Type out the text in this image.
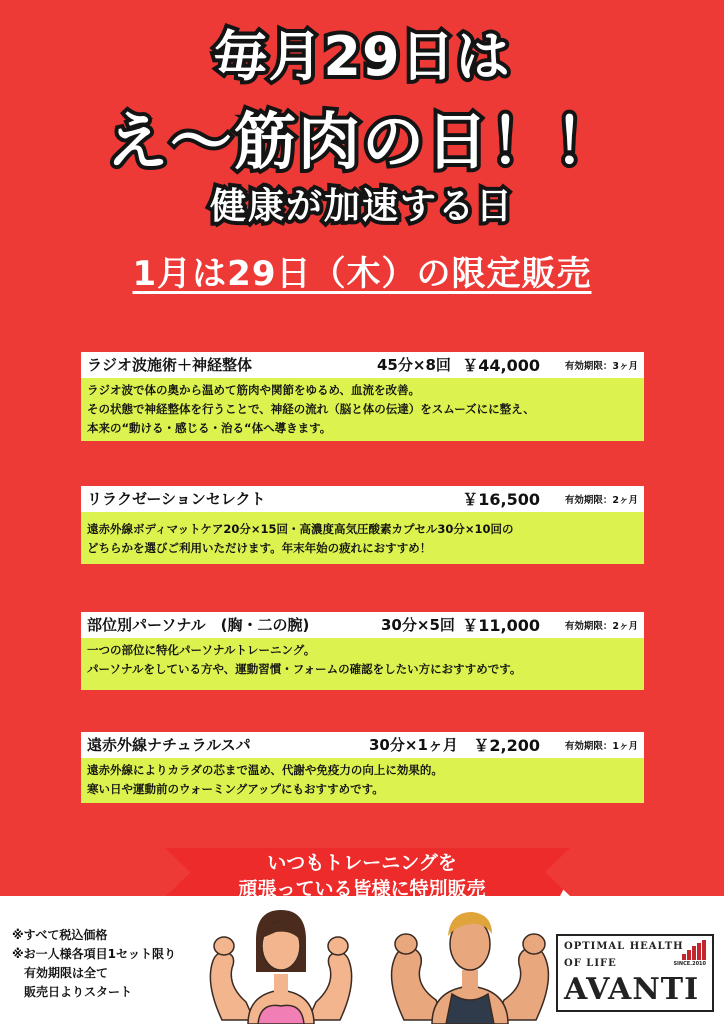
毎月29日は
え〜筋肉の日！！
健康が加速する日
1月は29日（木）の限定販売
ラジオ波施術＋神経整体	45分×8回 ￥44,000	有効期限：3ヶ月
ラジオ波で体の奥から温めて筋肉や関節をゆるめ、血流を改善。
その状態で神経整体を行うことで、神経の流れ（脳と体の伝達）をスムーズにに整え、
本来の“動ける・感じる・治る“体へ導きます。
リラクゼーションセレクト	￥16,500	有効期限：2ヶ月
遠赤外線ボディマットケア20分×15回・高濃度高気圧酸素カプセル30分×10回の
どちらかを選びご利用いただけます。年末年始の疲れにおすすめ！
部位別パーソナル　(胸・二の腕)	30分×5回 ￥11,000	有効期限：2ヶ月
一つの部位に特化パーソナルトレーニング。
パーソナルをしている方や、運動習慣・フォームの確認をしたい方におすすめです。
遠赤外線ナチュラルスパ	30分×1ヶ月 ￥2,200	有効期限：1ヶ月
遠赤外線によりカラダの芯まで温め、代謝や免疫力の向上に効果的。
寒い日や運動前のウォーミングアップにもおすすめです。
いつもトレーニングを
頑張っている皆様に特別販売
※すべて税込価格
※お一人様各項目1セット限り
有効期限は全て
販売日よりスタート
OPTIMAL HEALTH
OF LIFE	SINCE.2010
AVANTI
